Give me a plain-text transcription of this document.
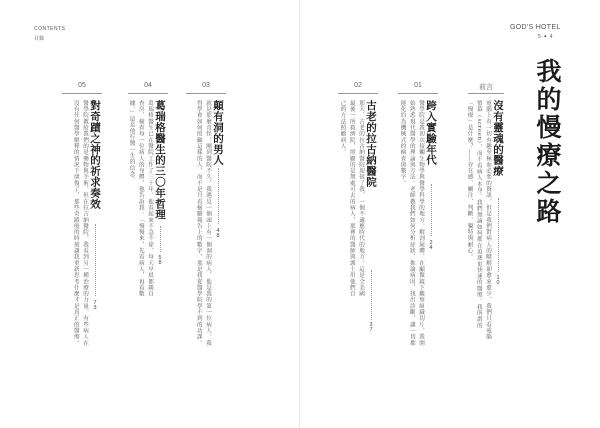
CONTENTS
目錄
GOD'S HOTEL
5 ✦ 4
我的慢療之路
前言
沒有靈魂的醫療
10
電腦上有一切有趣至極而必要的資訊，但是我們對病人的瞭解卻愈來愈少，我們只看電腦螢幕（screen），而不看病人本身。我們無論如何都在追逐更快速的醫療。我所謂的「慢療」是什麼？——存在感、關注、判斷、獨特與耐心。
01
跨入實驗年代
24
醫學院是我初次接觸生物學與醫學科學的地方。解剖屍體、在顯微鏡下觀察組織切片，我開始熟悉現代醫學的理論與方法。老師教我們如何分析症狀、推論病因、找出診斷，讓一切都能化約為機械式的檢查與數字。
02
古老的拉古納醫院
37
那天，古老的拉古納醫院迎接了我，一個不適應時代的地方。這是全美國最後一所救濟院，照顧的是無處可去的病人，那裡的醫師與護士用他們自己的方法照顧病人。
03
顛有洞的男人
48
就是那麼奇怪，剛到醫院不久，我遇見一個頭上有一個洞的病人，他是我的第一位病人。我得學會如何照顧這樣的人，而不是只看檢驗報告上的數字，那是我從醫學院學不到的功課。
04
葛瑞格醫生的三〇年哲理
58
葛瑞格醫生已在醫院工作了三十年。他看起來不急不徐，每天早晨都親自查房、檢查每一位病人的身體，他告訴我：「慢慢來，先看病人，再看數據。」這是他行醫一生的信念。
05
對奇蹟之神的祈求奏效
73
醫學院教給我們的是藥物與手術，但在拉古納醫院，我看到另一種治療的力量。有些病人在沒有任何醫學解釋的情況下康復了，那些奇蹟般的時刻讓我重新思考什麼才是真正的醫療。
